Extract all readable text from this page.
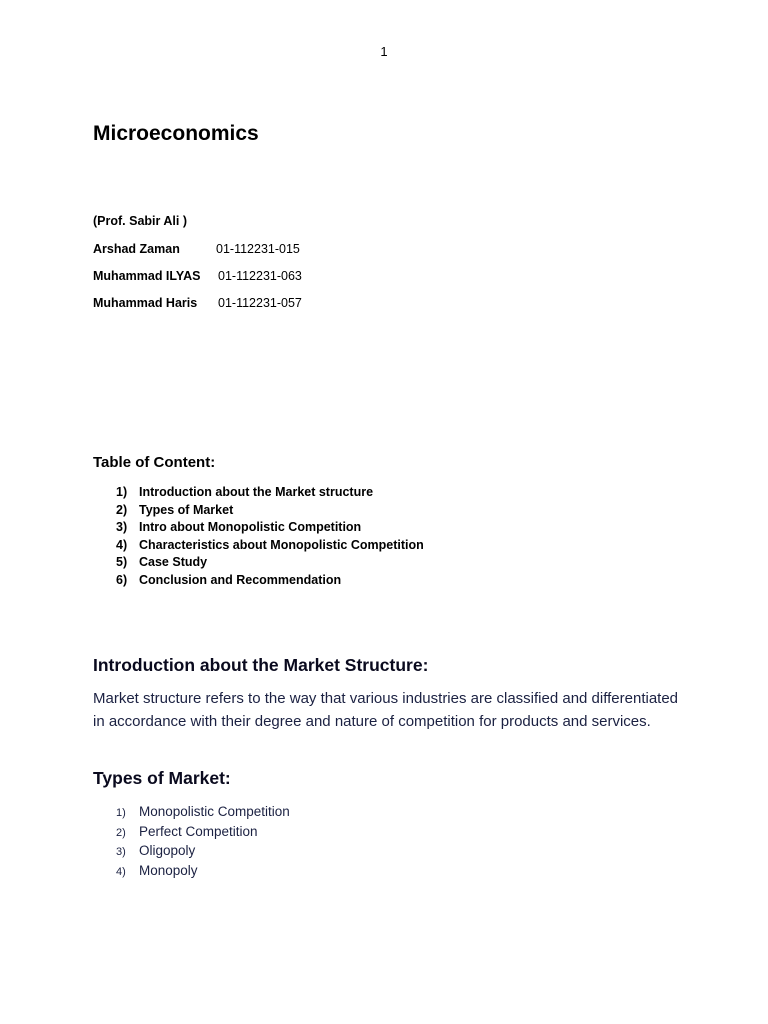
1
Microeconomics
(Prof. Sabir Ali )
Arshad Zaman	01-112231-015
Muhammad ILYAS 01-112231-063
Muhammad Haris 01-112231-057
Table of Content:
1) Introduction about the Market structure
2) Types of Market
3) Intro about Monopolistic Competition
4) Characteristics about Monopolistic Competition
5) Case Study
6) Conclusion and Recommendation
Introduction about the Market Structure:

Market structure refers to the way that various industries are classified and differentiated in accordance with their degree and nature of competition for products and services.

Types of Market:
1) Monopolistic Competition
2) Perfect Competition
3) Oligopoly
4) Monopoly
